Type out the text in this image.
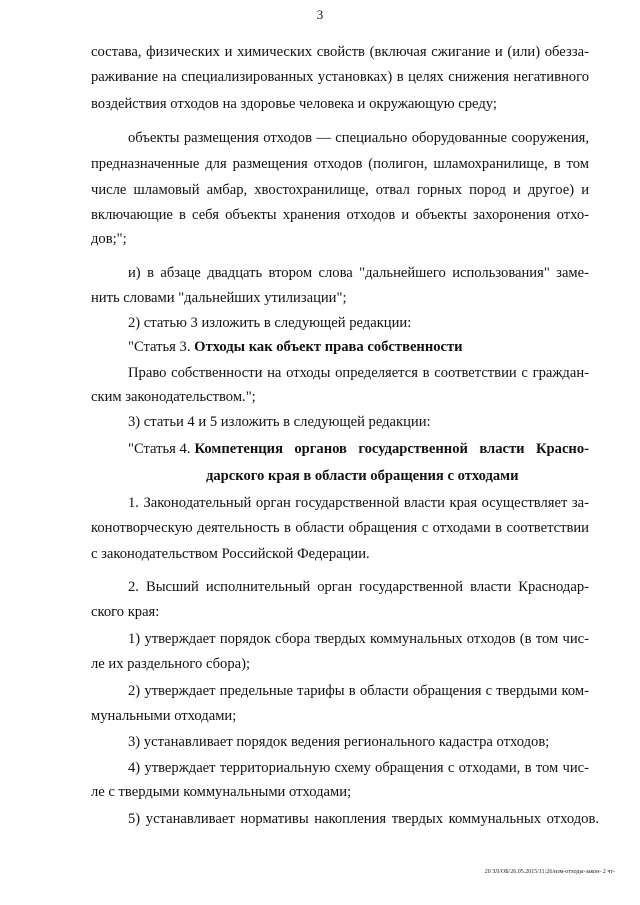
3
состава, физических и химических свойств (включая сжигание и (или) обезза-
раживание на специализированных установках) в целях снижения негативного
воздействия отходов на здоровье человека и окружающую среду;
объекты размещения отходов — специально оборудованные сооружения,
предназначенные для размещения отходов (полигон, шламохранилище, в том
числе шламовый амбар, хвостохранилище, отвал горных пород и другое) и
включающие в себя объекты хранения отходов и объекты захоронения отхо-
дов;";
и) в абзаце двадцать втором слова "дальнейшего использования" заме-
нить словами "дальнейших утилизации";
2) статью 3 изложить в следующей редакции:
"Статья 3. Отходы как объект права собственности
Право собственности на отходы определяется в соответствии с граждан-
ским законодательством.";
3) статьи 4 и 5 изложить в следующей редакции:
"Статья 4. Компетенция органов государственной власти Красно-
дарского края в области обращения с отходами
1. Законодательный орган государственной власти края осуществляет за-
конотворческую деятельность в области обращения с отходами в соответствии
с законодательством Российской Федерации.
2. Высший исполнительный орган государственной власти Краснодар-
ского края:
1) утверждает порядок сбора твердых коммунальных отходов (в том чис-
ле их раздельного сбора);
2) утверждает предельные тарифы в области обращения с твердыми ком-
мунальными отходами;
3) устанавливает порядок ведения регионального кадастра отходов;
4) утверждает территориальную схему обращения с отходами, в том чис-
ле с твердыми коммунальными отходами;
5) устанавливает нормативы накопления твердых коммунальных отходов.
20 ЗЛ/ОБ/26.05.2015/11:26/изм-отходы-закон- 2 чт-
